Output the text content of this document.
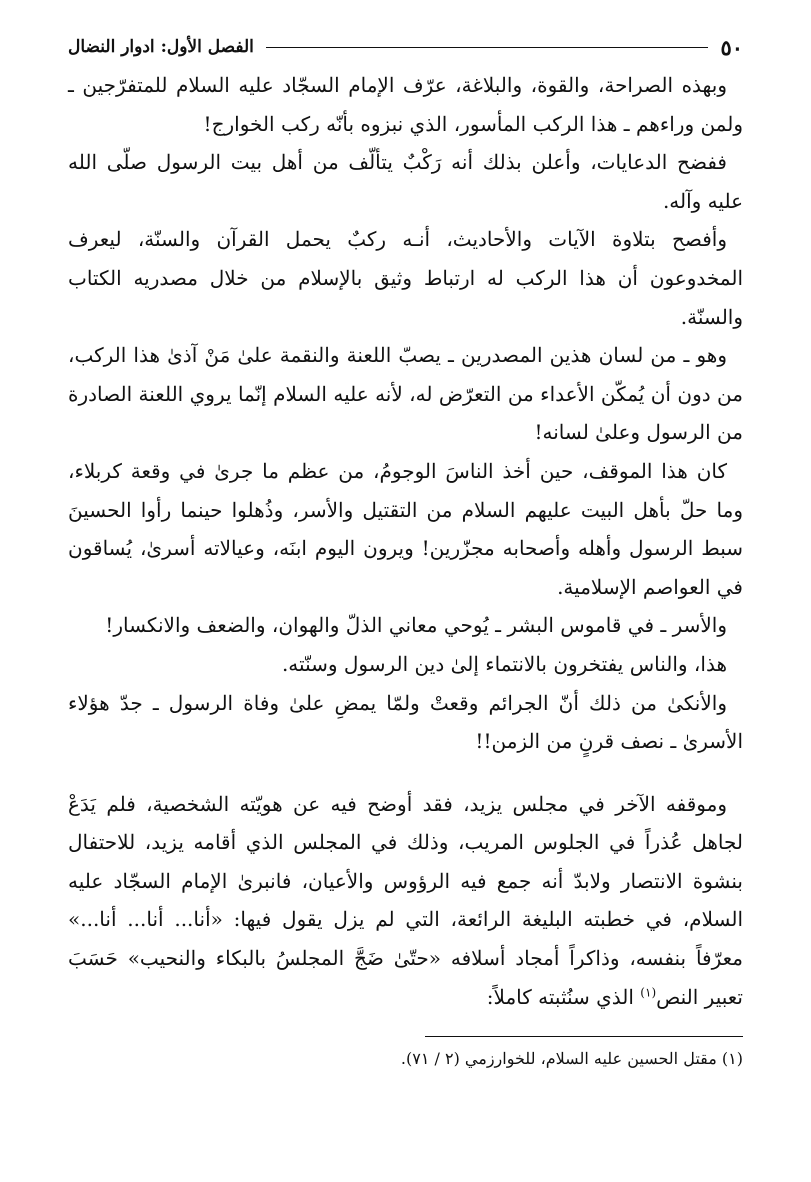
٥٠
الفصل الأول: ادوار النضال

وبهذه الصراحة، والقوة، والبلاغة، عرّف الإمام السجّاد عليه السلام للمتفرّجين ـ ولمن وراءهم ـ هذا الركب المأسور، الذي نبزوه بأنّه ركب الخوارج!

ففضح الدعايات، وأعلن بذلك أنه رَكْبٌ يتألّف من أهل بيت الرسول صلّى الله عليه وآله.

وأفصح بتلاوة الآيات والأحاديث، أنـه ركبٌ يحمل القرآن والسنّة، ليعرف المخدوعون أن هذا الركب له ارتباط وثيق بالإسلام من خلال مصدريه الكتاب والسنّة.

وهو ـ من لسان هذين المصدرين ـ يصبّ اللعنة والنقمة علىٰ مَنْ آذىٰ هذا الركب، من دون أن يُمكّن الأعداء من التعرّض له، لأنه عليه السلام إنّما يروي اللعنة الصادرة من الرسول وعلىٰ لسانه!

كان هذا الموقف، حين أخذ الناسَ الوجومُ، من عظم ما جرىٰ في وقعة كربلاء، وما حلّ بأهل البيت عليهم السلام من التقتيل والأسر، وذُهلوا حينما رأوا الحسينَ سبط الرسول وأهله وأصحابه مجزّرين! ويرون اليوم ابنَه، وعيالاته أسرىٰ، يُساقون في العواصم الإسلامية.

والأسر ـ في قاموس البشر ـ يُوحي معاني الذلّ والهوان، والضعف والانكسار!

هذا، والناس يفتخرون بالانتماء إلىٰ دين الرسول وسنّته.

والأنكىٰ من ذلك أنّ الجرائم وقعتْ ولمّا يمضِ علىٰ وفاة الرسول ـ جدّ هؤلاء الأسرىٰ ـ نصف قرنٍ من الزمن!!

وموقفه الآخر في مجلس يزيد، فقد أوضح فيه عن هويّته الشخصية، فلم يَدَعْ لجاهل عُذراً في الجلوس المريب، وذلك في المجلس الذي أقامه يزيد، للاحتفال بنشوة الانتصار ولابدّ أنه جمع فيه الرؤوس والأعيان، فانبرىٰ الإمام السجّاد عليه السلام، في خطبته البليغة الرائعة، التي لم يزل يقول فيها: «أنا... أنا... أنا...» معرّفاً بنفسه، وذاكراً أمجاد أسلافه «حتّىٰ ضَجَّ المجلسُ بالبكاء والنحيب» حَسَبَ تعبير النص$^{(١)}$ الذي سنُثبته كاملاً:

(١) مقتل الحسين عليه السلام، للخوارزمي (٢ / ٧١).
